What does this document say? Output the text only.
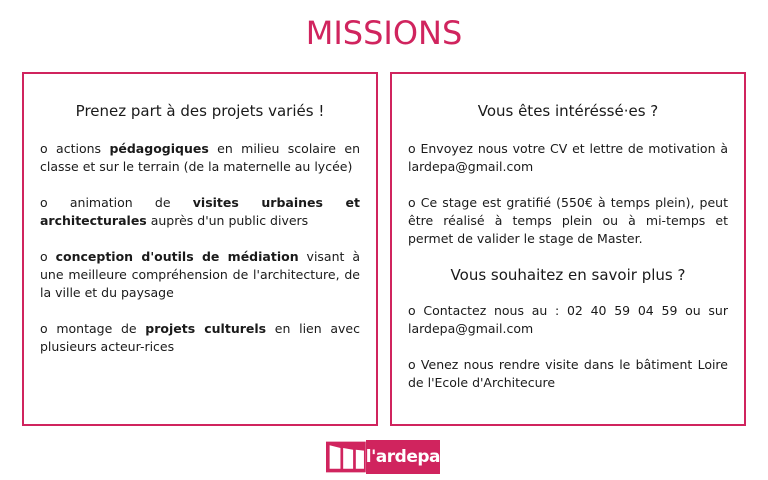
MISSIONS
Prenez part à des projets variés !
o actions pédagogiques en milieu scolaire en classe et sur le terrain (de la maternelle au lycée)
o animation de visites urbaines et architecturales auprès d'un public divers
o conception d'outils de médiation visant à une meilleure compréhension de l'architecture, de la ville et du paysage
o montage de projets culturels en lien avec plusieurs acteur-rices
Vous êtes intéréssé·es ?
o Envoyez nous votre CV et lettre de motivation à lardepa@gmail.com
o Ce stage est gratifié (550€ à temps plein), peut être réalisé à temps plein ou à mi-temps et permet de valider le stage de Master.
Vous souhaitez en savoir plus ?
o Contactez nous au : 02 40 59 04 59 ou sur lardepa@gmail.com
o Venez nous rendre visite dans le bâtiment Loire de l'Ecole d'Architecure
l'ardepa
